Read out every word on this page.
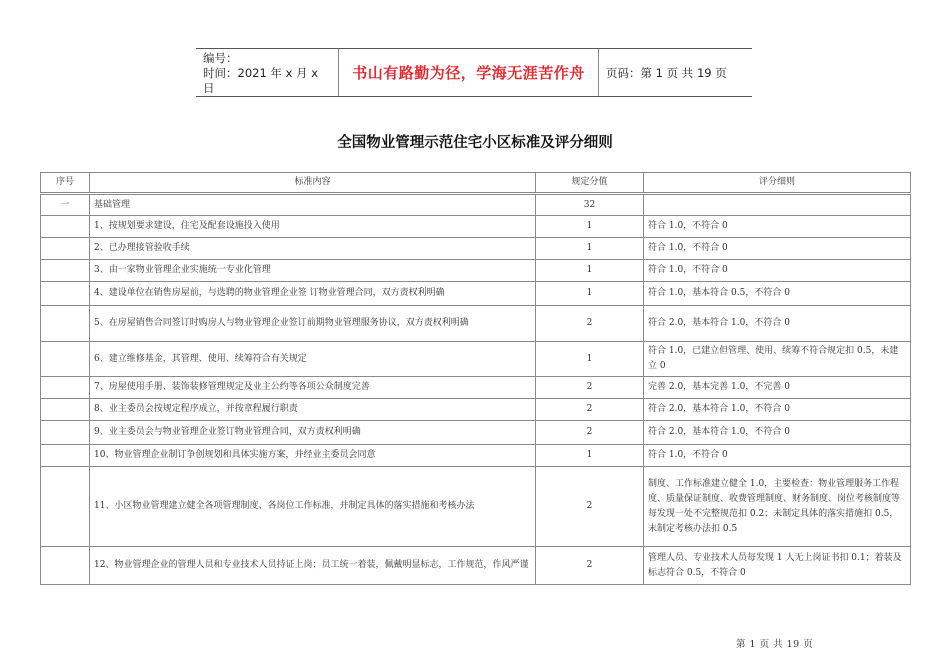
编号：
时间：2021 年 x 月 x 日
书山有路勤为径，学海无涯苦作舟	页码：第 1 页 共 19 页
全国物业管理示范住宅小区标准及评分细则
序号	标准内容	规定分值	评分细则
一	基础管理	32	
	1、按规划要求建设，住宅及配套设施投入使用	1	符合 1.0，不符合 0
	2、已办理接管验收手续	1	符合 1.0，不符合 0
	3、由一家物业管理企业实施统一专业化管理	1	符合 1.0，不符合 0
	4、建设单位在销售房屋前，与选聘的物业管理企业签 订物业管理合同，双方责权利明确	1	符合 1.0，基本符合 0.5，不符合 0
	5、在房屋销售合同签订时购房人与物业管理企业签订前期物业管理服务协议，双方责权利明确	2	符合 2.0，基本符合 1.0，不符合 0
	6、建立维修基金，其管理、使用、续筹符合有关规定	1	符合 1.0，已建立但管理、使用、续筹不符合规定扣 0.5，未建立 0
	7、房屋使用手册、装饰装修管理规定及业主公约等各项公众制度完善	2	完善 2.0，基本完善 1.0，不完善 0
	8、业主委员会按规定程序成立，并按章程履行职责	2	符合 2.0，基本符合 1.0，不符合 0
	9、业主委员会与物业管理企业签订物业管理合同，双方责权利明确	2	符合 2.0，基本符合 1.0，不符合 0
	10、物业管理企业制订争创规划和具体实施方案，并经业主委员会同意	1	符合 1.0，不符合 0
	11、小区物业管理建立健全各项管理制度、各岗位工作标准，并制定具体的落实措施和考核办法	2	制度、工作标准建立健全 1.0，主要检查：物业管理服务工作程度、质量保证制度、收费管理制度、财务制度、岗位考核制度等每发现一处不完整规范扣 0.2；未制定具体的落实措施扣 0.5，未制定考核办法扣 0.5
	12、物业管理企业的管理人员和专业技术人员持证上岗；员工统一着装，佩戴明显标志，工作规范，作风严谨	2	管理人员、专业技术人员每发现 1 人无上岗证书扣 0.1；着装及标志符合 0.5，不符合 0
第 1 页 共 19 页
